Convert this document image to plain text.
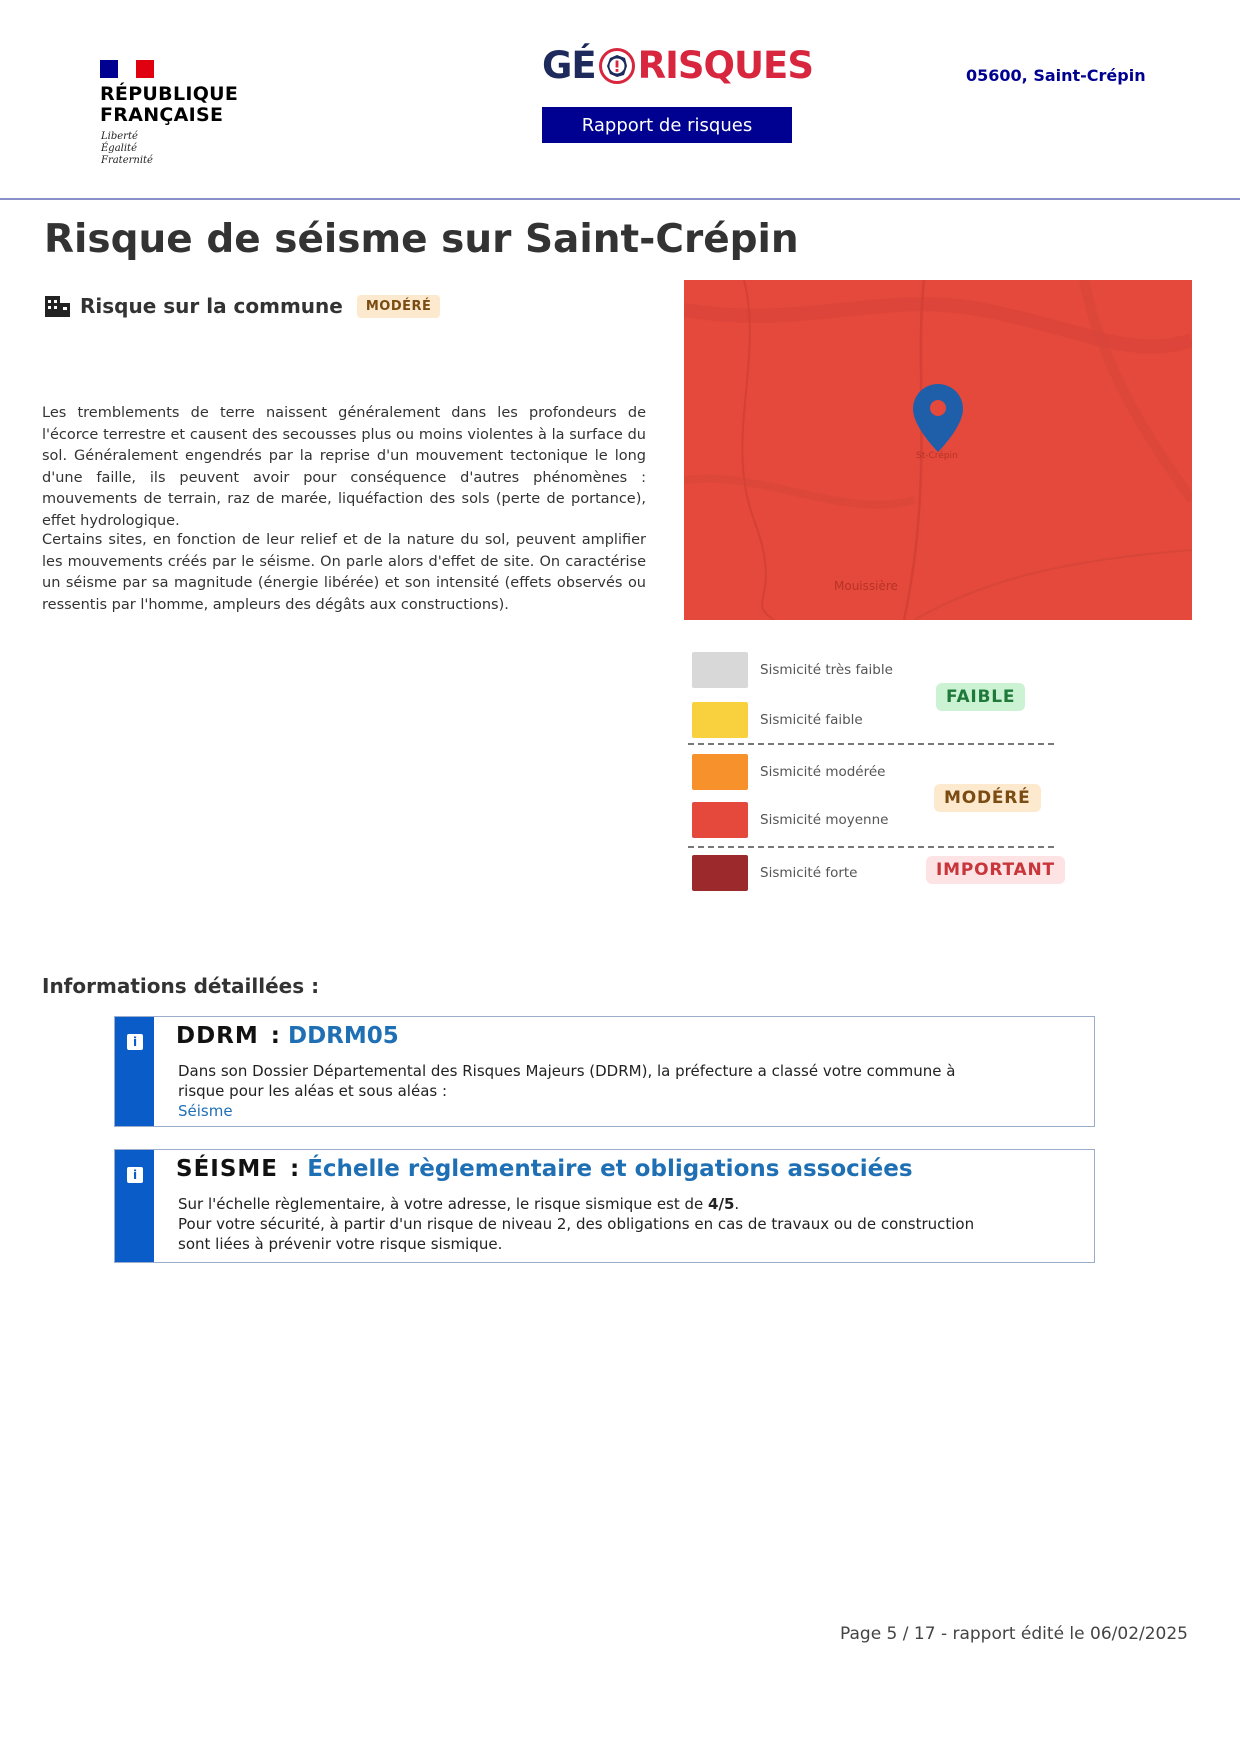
RÉPUBLIQUE
FRANÇAISE
Liberté
Égalité
Fraternité
GÉ RISQUES
Rapport de risques
05600, Saint-Crépin
Risque de séisme sur Saint-Crépin
Risque sur la commune	MODÉRÉ
Les tremblements de terre naissent généralement dans les profondeurs de l'écorce terrestre et causent des secousses plus ou moins violentes à la surface du sol. Généralement engendrés par la reprise d'un mouvement tectonique le long d'une faille, ils peuvent avoir pour conséquence d'autres phénomènes : mouvements de terrain, raz de marée, liquéfaction des sols (perte de portance), effet hydrologique.
Certains sites, en fonction de leur relief et de la nature du sol, peuvent amplifier les mouvements créés par le séisme. On parle alors d'effet de site. On caractérise un séisme par sa magnitude (énergie libérée) et son intensité (effets observés ou ressentis par l'homme, ampleurs des dégâts aux constructions).
Mouissière
St-Crépin
Sismicité très faible
Sismicité faible
FAIBLE
Sismicité modérée
Sismicité moyenne
MODÉRÉ
Sismicité forte	IMPORTANT
Informations détaillées :
i DDRM : DDRM05
Dans son Dossier Départemental des Risques Majeurs (DDRM), la préfecture a classé votre commune à risque pour les aléas et sous aléas :
Séisme
i SÉISME : Échelle règlementaire et obligations associées
Sur l'échelle règlementaire, à votre adresse, le risque sismique est de 4/5.
Pour votre sécurité, à partir d'un risque de niveau 2, des obligations en cas de travaux ou de construction sont liées à prévenir votre risque sismique.
Page 5 / 17 - rapport édité le 06/02/2025
